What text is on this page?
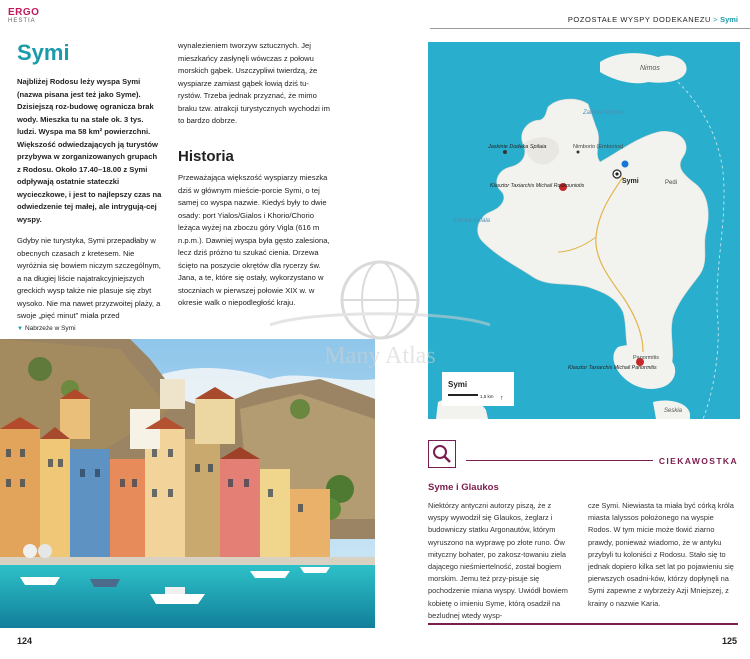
ERGO
HESTIA
Symi
Najbliżej Rodosu leży wyspa Symi (nazwa pisana jest też jako Syme). Dzisiejszą roz-budowę ogranicza brak wody. Mieszka tu na stałe ok. 3 tys. ludzi. Wyspa ma 58 km² powierzchni. Większość odwiedzających ją turystów przybywa w zorganizowanych grupach z Rodosu. Około 17.40–18.00 z Symi odpływają ostatnie stateczki wycieczkowe, i jest to najlepszy czas na odwiedzenie tej małej, ale intrygują-cej wyspy.
Gdyby nie turystyka, Symi przepadłaby w obecnych czasach z kretesem. Nie wyróżnia się bowiem niczym szczególnym, a na długiej liście najatrakcyjniejszych greckich wysp także nie plasuje się zbyt wysoko. Nie ma nawet przyzwoitej plaży, a swoje „pięć minut” miała przed
wynalezieniem tworzyw sztucznych. Jej mieszkańcy zasłynęli wówczas z połowu morskich gąbek. Uszczypliwi twierdzą, że wyspiarze zamiast gąbek łowią dziś tu-rystów. Trzeba jednak przyznać, że mimo braku tzw. atrakcji turystycznych wychodzi im to bardzo dobrze.
Historia
Przeważająca większość wyspiarzy mieszka dziś w głównym mieście-porcie Symi, o tej samej co wyspa nazwie. Kiedyś były to dwie osady: port Yialos/Gialos i Khorio/Chorio leżąca wyżej na zboczu góry Vigla (616 m n.p.m.). Dawniej wyspa była gęsto zalesiona, lecz dziś próżno tu szukać cienia. Drzewa ścięto na poszycie okrętów dla rycerzy św. Jana, a te, które się ostały, wykorzystano w stoczniach w pierwszej połowie XIX w. w okresie walk o niepodległość kraju.
▼ Nabrzeże w Symi
124
POZOSTAŁE WYSPY DODEKANEZU > Symi
Nimos
Zatoka Nimboro
Nimborio (Emborios)
Jaskinie Dodeka Spilaia
Symi	Pedi
Klasztor Taxiarchis Michail Roukouniotis
Zatoka Kefala
Panormitis
Klasztor Taxiarchis Michail Panormitis
Seskia
Symi
1,5 km ↑
CIEKAWOSTKA
Syme i Glaukos
Niektórzy antyczni autorzy piszą, że z wyspy wywodził się Glaukos, żeglarz i budowniczy statku Argonautów, którym wyruszono na wyprawę po złote runo. Ów mityczny bohater, po zakosz-towaniu ziela dającego nieśmiertelność, został bogiem morskim. Jemu też przy-pisuje się pochodzenie miana wyspy. Uwiódł bowiem kobietę o imieniu Syme, którą osadził na bezludnej wtedy wysp-
cze Symi. Niewiasta ta miała być córką króla miasta Ialyssos położonego na wyspie Rodos. W tym micie może tkwić ziarno prawdy, ponieważ wiadomo, że w antyku przybyli tu koloniści z Rodosu. Stało się to jednak dopiero kilka set lat po pojawieniu się pierwszych osadni-ków, którzy dopłynęli na Symi zapewne z wybrzeży Azji Mniejszej, z krainy o nazwie Karia.
125
Many Atlas
